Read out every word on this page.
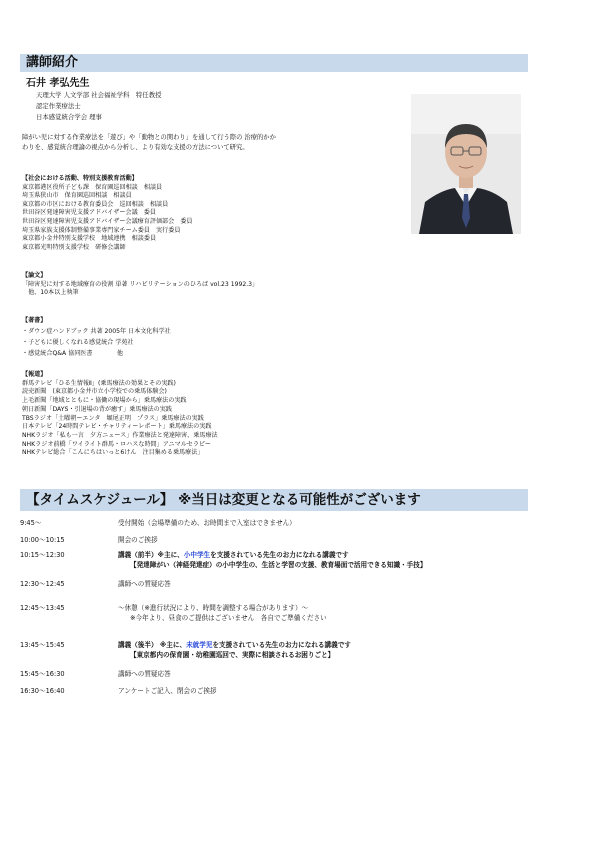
講師紹介
石井 孝弘先生
天理大学 人文学部 社会福祉学科　特任教授
認定作業療法士
日本感覚統合学会 理事
障がい児に対する作業療法を「遊び」や「動物との関わり」を通して行う際の 治療的かか
わりを、感覚統合理論の視点から分析し、より有効な支援の方法について研究。
【社会における活動、特別支援教育活動】
東京都港区役所子ども課　保育園巡回相談　相談員
埼玉県狭山市　保育園巡回相談　相談員
東京都の市区における教育委員会　巡回相談　相談員
世田谷区発達障害児支援アドバイザー会議　委員
世田谷区発達障害児支援アドバイザー会議療育評価部会　委員
埼玉県家族支援体制整備事業専門家チーム委員　実行委員
東京都小金井特別支援学校　地域連携　相談委員
東京都光明特別支援学校　研修会講師
【論文】
「障害児に対する地域療育の役割 単著 リハビリテーションのひろば vol.23 1992.3」
　他、10本以上執筆
【著書】
・ダウン症ハンドブック 共著 2005年 日本文化科学社
・子どもに優しくなれる感覚統合 学苑社
・感覚統合Q&A 協同医書　　　　他
【報道】
群馬テレビ「ひる生情報Ⅱ」(乗馬療法の効果とその実践)
読売新聞　(東京都小金井市立小学校での乗馬体験会)
上毛新聞「地域とともに・協働の現場から」乗馬療法の実践
朝日新聞「DAYS・引退場の背が癒す」乗馬療法の実践
TBSラジオ「土曜朝ーエンタ　堀尾正明　プラス」乗馬療法の実践
日本テレビ「24時間テレビ・チャリティーレポート」乗馬療法の実践
NHKラジオ「私も一言　夕方ニュース」作業療法と発達障害、乗馬療法
NHKラジオ前橋「ワイライト群馬・ロハスな時間」アニマルセラピー
NHKテレビ総合「こんにちはいっと6けん　注目集める乗馬療法」
【タイムスケジュール】 ※当日は変更となる可能性がございます
9:45～	受付開始（会場準備のため、お時間まで入室はできません）
10:00～10:15	開会のご挨拶
10:15～12:30	講義（前半）※主に、小中学生を支援されている先生のお力になれる講義です
【発達障がい（神経発達症）の小中学生の、生活と学習の支援、教育場面で活用できる知識・手技】
12:30～12:45	講師への質疑応答
12:45～13:45	～休憩（※進行状況により、時間を調整する場合があります）～
※今年より、昼食のご提供はございません　各自でご準備ください
13:45～15:45	講義（後半） ※主に、未就学児を支援されている先生のお力になれる講義です
【東京都内の保育園・幼稚園巡回で、実際に相談されるお困りごと】
15:45～16:30	講師への質疑応答
16:30～16:40	アンケートご記入、閉会のご挨拶
